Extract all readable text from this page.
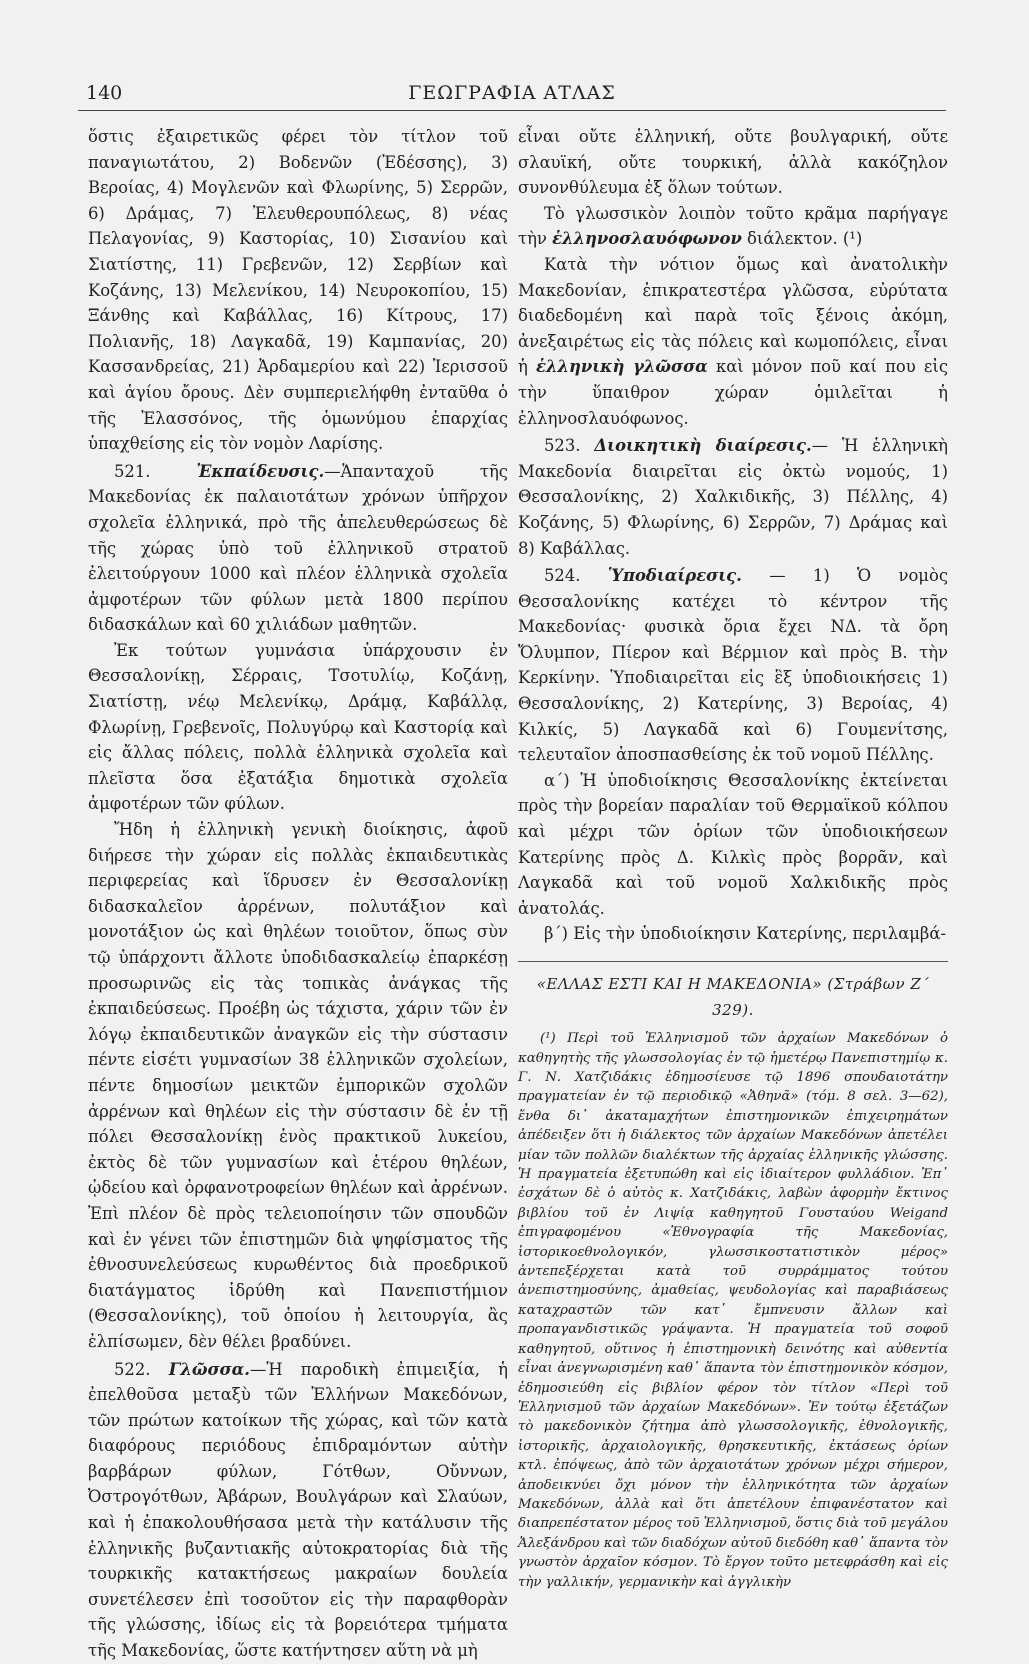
140	ΓΕΩΓΡΑΦΙΑ ΑΤΛΑΣ

ὅστις ἐξαιρετικῶς φέρει τὸν τίτλον τοῦ παναγιωτάτου, 2) Βοδενῶν (Ἐδέσσης), 3) Βεροίας, 4) Μογλενῶν καὶ Φλωρίνης, 5) Σερρῶν, 6) Δράμας, 7) Ἐλευθερουπόλεως, 8) νέας Πελαγονίας, 9) Καστορίας, 10) Σισανίου καὶ Σιατίστης, 11) Γρεβενῶν, 12) Σερβίων καὶ Κοζάνης, 13) Μελενίκου, 14) Νευροκοπίου, 15) Ξάνθης καὶ Καβάλλας, 16) Κίτρους, 17) Πολιανῆς, 18) Λαγκαδᾶ, 19) Καμπανίας, 20) Κασσανδρείας, 21) Ἀρδαμερίου καὶ 22) Ἱερισσοῦ καὶ ἁγίου ὄρους. Δὲν συμπεριελήφθη ἐνταῦθα ὁ τῆς Ἐλασσόνος, τῆς ὁμωνύμου ἐπαρχίας ὑπαχθείσης εἰς τὸν νομὸν Λαρίσης.

521.	Ἐκπαίδευσις.—Ἁπανταχοῦ τῆς Μακεδονίας ἐκ παλαιοτάτων χρόνων ὑπῆρχον σχολεῖα ἑλληνικά, πρὸ τῆς ἀπελευθερώσεως δὲ τῆς χώρας ὑπὸ τοῦ ἑλληνικοῦ στρατοῦ ἐλειτούργουν 1000 καὶ πλέον ἑλληνικὰ σχολεῖα ἀμφοτέρων τῶν φύλων μετὰ 1800 περίπου διδασκάλων καὶ 60 χιλιάδων μαθητῶν.

Ἐκ τούτων γυμνάσια ὑπάρχουσιν ἐν Θεσσαλονίκῃ, Σέρραις, Τσοτυλίῳ, Κοζάνῃ, Σιατίστῃ, νέῳ Μελενίκῳ, Δράμᾳ, Καβάλλᾳ, Φλωρίνῃ, Γρεβενοῖς, Πολυγύρῳ καὶ Καστορίᾳ καὶ εἰς ἄλλας πόλεις, πολλὰ ἑλληνικὰ σχολεῖα καὶ πλεῖστα ὅσα ἐξατάξια δημοτικὰ σχολεῖα ἀμφοτέρων τῶν φύλων.

Ἤδη ἡ ἑλληνικὴ γενικὴ διοίκησις, ἀφοῦ διήρεσε τὴν χώραν εἰς πολλὰς ἐκπαιδευτικὰς περιφερείας καὶ ἵδρυσεν ἐν Θεσσαλονίκῃ διδασκαλεῖον ἀρρένων, πολυτάξιον καὶ μονοτάξιον ὡς καὶ θηλέων τοιοῦτον, ὅπως σὺν τῷ ὑπάρχοντι ἄλλοτε ὑποδιδασκαλείῳ ἐπαρκέσῃ προσωρινῶς εἰς τὰς τοπικὰς ἀνάγκας τῆς ἐκπαιδεύσεως. Προέβη ὡς τάχιστα, χάριν τῶν ἐν λόγῳ ἐκπαιδευτικῶν ἀναγκῶν εἰς τὴν σύστασιν πέντε εἰσέτι γυμνασίων 38 ἑλληνικῶν σχολείων, πέντε δημοσίων μεικτῶν ἐμπορικῶν σχολῶν ἀρρένων καὶ θηλέων εἰς τὴν σύστασιν δὲ ἐν τῇ πόλει Θεσσαλονίκῃ ἑνὸς πρακτικοῦ λυκείου, ἐκτὸς δὲ τῶν γυμνασίων καὶ ἑτέρου θηλέων, ᾠδείου καὶ ὀρφανοτροφείων θηλέων καὶ ἀρρένων. Ἐπὶ πλέον δὲ πρὸς τελειοποίησιν τῶν σπουδῶν καὶ ἐν γένει τῶν ἐπιστημῶν διὰ ψηφίσματος τῆς ἐθνοσυνελεύσεως κυρωθέντος διὰ προεδρικοῦ διατάγματος ἱδρύθη καὶ Πανεπιστήμιον (Θεσσαλονίκης), τοῦ ὁποίου ἡ λειτουργία, ἂς ἐλπίσωμεν, δὲν θέλει βραδύνει.

522. Γλῶσσα.—Ἡ παροδικὴ ἐπιμειξία, ἡ ἐπελθοῦσα μεταξὺ τῶν Ἑλλήνων Μακεδόνων, τῶν πρώτων κατοίκων τῆς χώρας, καὶ τῶν κατὰ διαφόρους περιόδους ἐπιδραμόντων αὐτὴν βαρβάρων φύλων, Γότθων, Οὔννων, Ὀστρογότθων, Ἀβάρων, Βουλγάρων καὶ Σλαύων, καὶ ἡ ἐπακολουθήσασα μετὰ τὴν κατάλυσιν τῆς ἑλληνικῆς βυζαντιακῆς αὐτοκρατορίας διὰ τῆς τουρκικῆς κατακτήσεως μακραίων δουλεία συνετέλεσεν ἐπὶ τοσοῦτον εἰς τὴν παραφθορὰν τῆς γλώσσης, ἰδίως εἰς τὰ βορειότερα τμήματα τῆς Μακεδονίας, ὥστε κατήντησεν αὕτη νὰ μὴ

εἶναι οὔτε ἑλληνική, οὔτε βουλγαρική, οὔτε σλαυϊκή, οὔτε τουρκική, ἀλλὰ κακόζηλον συνονθύλευμα ἐξ ὅλων τούτων.

Τὸ γλωσσικὸν λοιπὸν τοῦτο κρᾶμα παρήγαγε τὴν ἑλληνοσλαυόφωνον διάλεκτον. (¹)

Κατὰ τὴν νότιον ὅμως καὶ ἀνατολικὴν Μακεδονίαν, ἐπικρατεστέρα γλῶσσα, εὐρύτατα διαδεδομένη καὶ παρὰ τοῖς ξένοις ἀκόμη, ἀνεξαιρέτως εἰς τὰς πόλεις καὶ κωμοπόλεις, εἶναι ἡ ἑλληνικὴ γλῶσσα καὶ μόνον ποῦ καί που εἰς τὴν ὕπαιθρον χώραν ὁμιλεῖται ἡ ἑλληνοσλαυόφωνος.

523. Διοικητικὴ διαίρεσις.— Ἡ ἑλληνικὴ Μακεδονία διαιρεῖται εἰς ὀκτὼ νομούς, 1) Θεσσαλονίκης, 2) Χαλκιδικῆς, 3) Πέλλης, 4) Κοζάνης, 5) Φλωρίνης, 6) Σερρῶν, 7) Δράμας καὶ 8) Καβάλλας.

524. Ὑποδιαίρεσις. — 1) Ὁ νομὸς Θεσσαλονίκης κατέχει τὸ κέντρον τῆς Μακεδονίας· φυσικὰ ὅρια ἔχει ΝΔ. τὰ ὄρη Ὄλυμπον, Πίερον καὶ Βέρμιον καὶ πρὸς Β. τὴν Κερκίνην. Ὑποδιαιρεῖται εἰς ἓξ ὑποδιοικήσεις 1) Θεσσαλονίκης, 2) Κατερίνης, 3) Βεροίας, 4) Κιλκίς, 5) Λαγκαδᾶ καὶ 6) Γουμενίτσης, τελευταῖον ἀποσπασθείσης ἐκ τοῦ νομοῦ Πέλλης.

α΄) Ἡ ὑποδιοίκησις Θεσσαλονίκης ἐκτείνεται πρὸς τὴν βορείαν παραλίαν τοῦ Θερμαϊκοῦ κόλπου καὶ μέχρι τῶν ὁρίων τῶν ὑποδιοικήσεων Κατερίνης πρὸς Δ. Κιλκὶς πρὸς βορρᾶν, καὶ Λαγκαδᾶ καὶ τοῦ νομοῦ Χαλκιδικῆς πρὸς ἀνατολάς.

β΄) Εἰς τὴν ὑποδιοίκησιν Κατερίνης, περιλαμβά-

«ΕΛΛΑΣ ΕΣΤΙ ΚΑΙ Η ΜΑΚΕΔΟΝΙΑ» (Στράβων Ζ΄ 329).
(¹) Περὶ τοῦ Ἑλληνισμοῦ τῶν ἀρχαίων Μακεδόνων ὁ καθηγητὴς τῆς γλωσσολογίας ἐν τῷ ἡμετέρῳ Πανεπιστημίῳ κ. Γ. Ν. Χατζιδάκις ἐδημοσίευσε τῷ 1896 σπουδαιοτάτην πραγματείαν ἐν τῷ περιοδικῷ «Ἀθηνᾶ» (τόμ. 8 σελ. 3—62), ἔνθα δι᾽ ἀκαταμαχήτων ἐπιστημονικῶν ἐπιχειρημάτων ἀπέδειξεν ὅτι ἡ διάλεκτος τῶν ἀρχαίων Μακεδόνων ἀπετέλει μίαν τῶν πολλῶν διαλέκτων τῆς ἀρχαίας ἑλληνικῆς γλώσσης. Ἡ πραγματεία ἐξετυπώθη καὶ εἰς ἰδιαίτερον φυλλάδιον. Ἐπ᾽ ἐσχάτων δὲ ὁ αὐτὸς κ. Χατζιδάκις, λαβὼν ἀφορμὴν ἔκτινος βιβλίου τοῦ ἐν Λιψίᾳ καθηγητοῦ Γουσταύου Weigand ἐπιγραφομένου «Ἐθνογραφία τῆς Μακεδονίας, ἱστορικοεθνολογικόν, γλωσσικοστατιστικὸν μέρος» ἀντεπεξέρχεται κατὰ τοῦ συρράμματος τούτου ἀνεπιστημοσύνης, ἀμαθείας, ψευδολογίας καὶ παραβιάσεως καταχραστῶν τῶν κατ᾽ ἔμπνευσιν ἄλλων καὶ προπαγανδιστικῶς γράψαντα. Ἡ πραγματεία τοῦ σοφοῦ καθηγητοῦ, οὕτινος ἡ ἐπιστημονικὴ δεινότης καὶ αὐθεντία εἶναι ἀνεγνωρισμένη καθ᾽ ἅπαντα τὸν ἐπιστημονικὸν κόσμον, ἐδημοσιεύθη εἰς βιβλίον φέρον τὸν τίτλον «Περὶ τοῦ Ἑλληνισμοῦ τῶν ἀρχαίων Μακεδόνων». Ἐν τούτῳ ἐξετάζων τὸ μακεδονικὸν ζήτημα ἀπὸ γλωσσολογικῆς, ἐθνολογικῆς, ἱστορικῆς, ἀρχαιολογικῆς, θρησκευτικῆς, ἐκτάσεως ὁρίων κτλ. ἐπόψεως, ἀπὸ τῶν ἀρχαιοτάτων χρόνων μέχρι σήμερον, ἀποδεικνύει ὄχι μόνον τὴν ἑλληνικότητα τῶν ἀρχαίων Μακεδόνων, ἀλλὰ καὶ ὅτι ἀπετέλουν ἐπιφανέστατον καὶ διαπρεπέστατον μέρος τοῦ Ἑλληνισμοῦ, ὅστις διὰ τοῦ μεγάλου Ἀλεξάνδρου καὶ τῶν διαδόχων αὐτοῦ διεδόθη καθ᾽ ἅπαντα τὸν γνωστὸν ἀρχαῖον κόσμον. Τὸ ἔργον τοῦτο μετεφράσθη καὶ εἰς τὴν γαλλικήν, γερμανικὴν καὶ ἀγγλικὴν
